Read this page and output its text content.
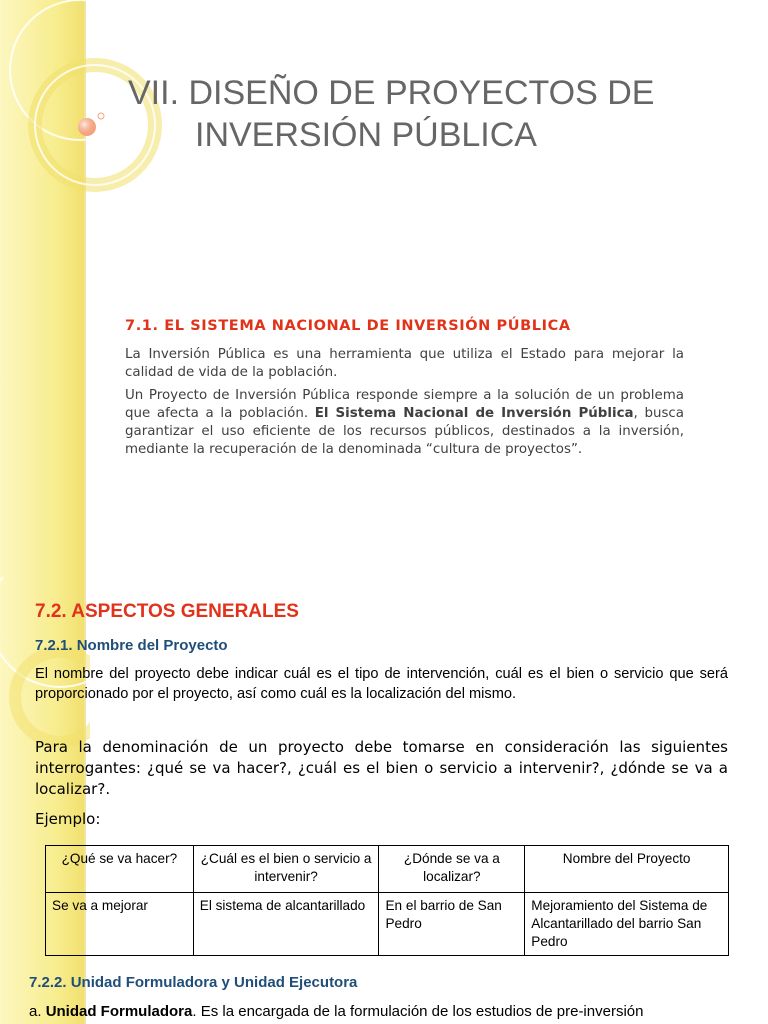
VII. DISEÑO DE PROYECTOS DE
INVERSIÓN PÚBLICA
7.1. EL SISTEMA NACIONAL DE INVERSIÓN PÚBLICA

La Inversión Pública es una herramienta que utiliza el Estado para mejorar la calidad de vida de la población.

Un Proyecto de Inversión Pública responde siempre a la solución de un problema que afecta a la población. El Sistema Nacional de Inversión Pública, busca garantizar el uso eficiente de los recursos públicos, destinados a la inversión, mediante la recuperación de la denominada “cultura de proyectos”.

7.2. ASPECTOS GENERALES
7.2.1. Nombre del Proyecto
El nombre del proyecto debe indicar cuál es el tipo de intervención, cuál es el bien o servicio que será proporcionado por el proyecto, así como cuál es la localización del mismo.
Para la denominación de un proyecto debe tomarse en consideración las siguientes interrogantes: ¿qué se va hacer?, ¿cuál es el bien o servicio a intervenir?, ¿dónde se va a localizar?.
Ejemplo:
¿Qué se va hacer?	¿Cuál es el bien o servicio a intervenir?	¿Dónde se va a localizar?	Nombre del Proyecto
Se va a mejorar	El sistema de alcantarillado	En el barrio de San Pedro	Mejoramiento del Sistema de Alcantarillado del barrio San Pedro
7.2.2. Unidad Formuladora y Unidad Ejecutora
a. Unidad Formuladora. Es la encargada de la formulación de los estudios de pre-inversión
